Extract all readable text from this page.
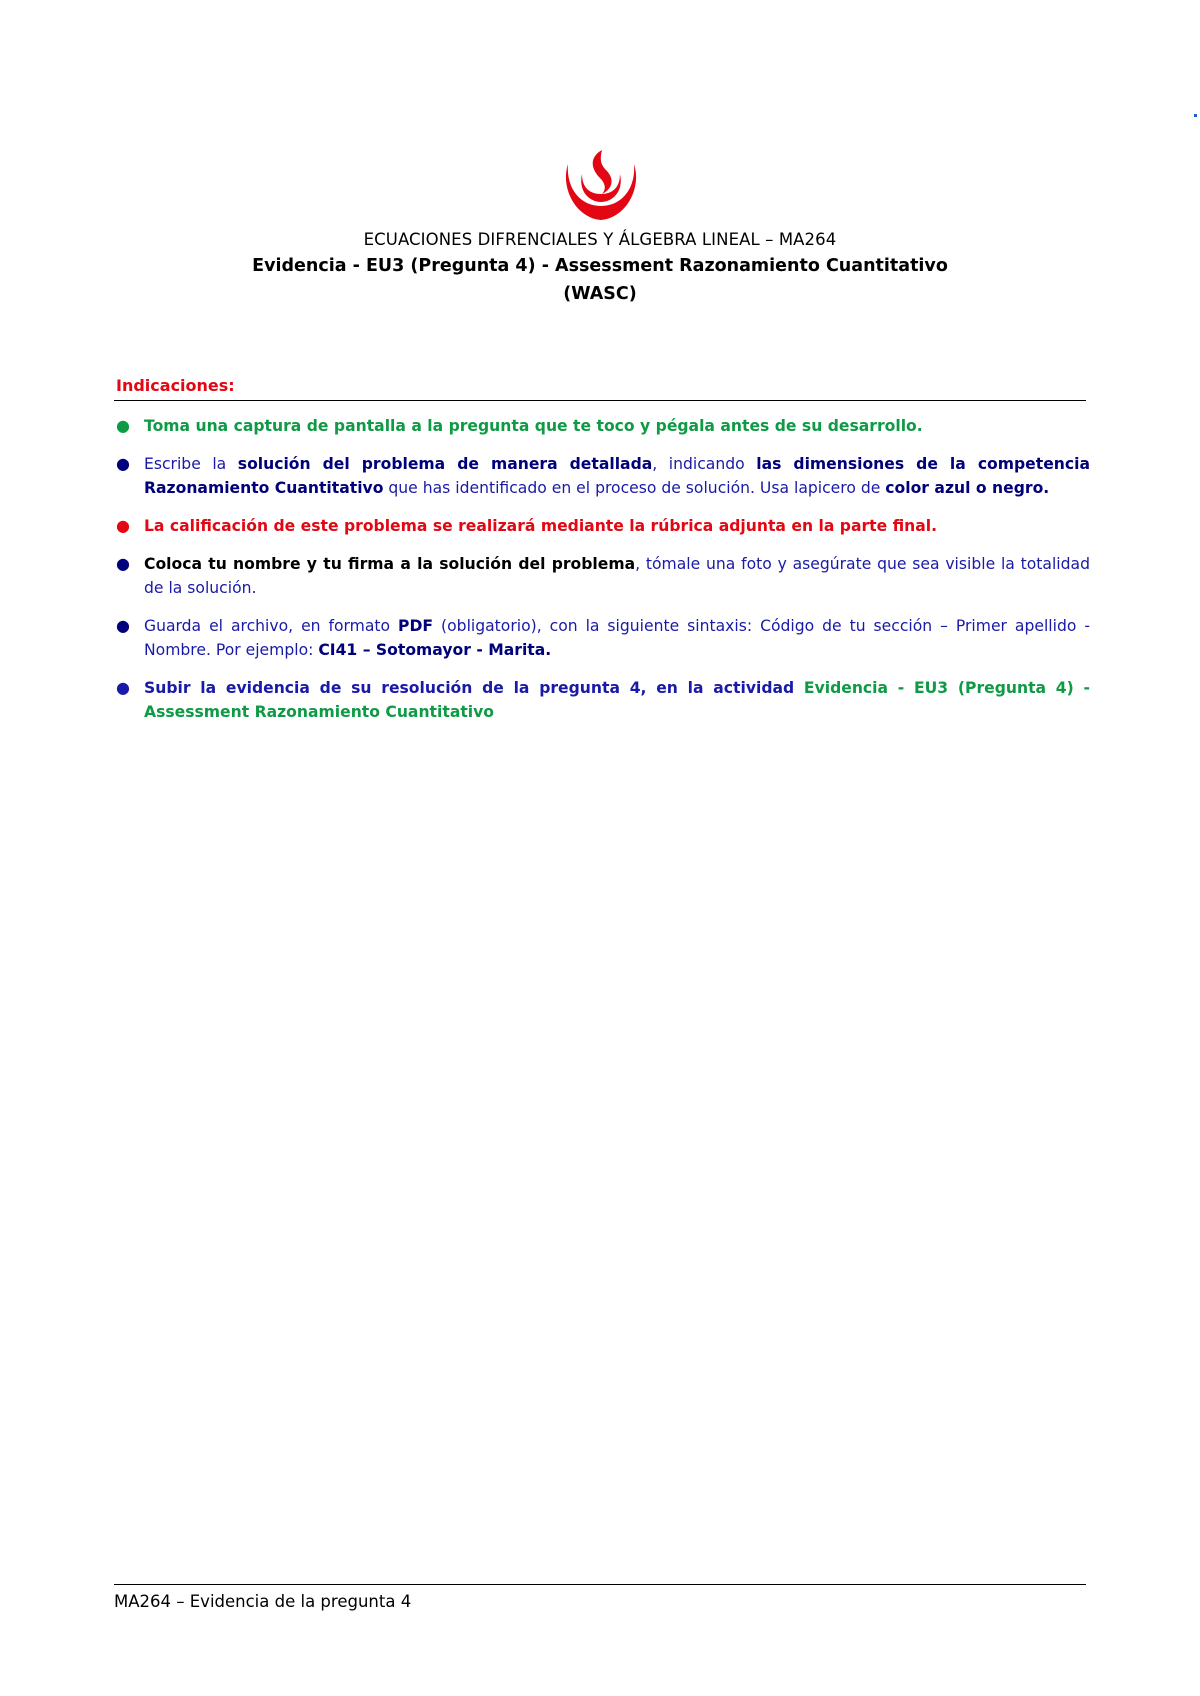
ECUACIONES DIFRENCIALES Y ÁLGEBRA LINEAL – MA264
Evidencia - EU3 (Pregunta 4) - Assessment Razonamiento Cuantitativo
(WASC)
Indicaciones:
● Toma una captura de pantalla a la pregunta que te toco y pégala antes de su desarrollo.
● Escribe la solución del problema de manera detallada, indicando las dimensiones de la competencia Razonamiento Cuantitativo que has identificado en el proceso de solución. Usa lapicero de color azul o negro.
● La calificación de este problema se realizará mediante la rúbrica adjunta en la parte final.
● Coloca tu nombre y tu firma a la solución del problema, tómale una foto y asegúrate que sea visible la totalidad de la solución.
● Guarda el archivo, en formato PDF (obligatorio), con la siguiente sintaxis: Código de tu sección – Primer apellido - Nombre. Por ejemplo: CI41 – Sotomayor - Marita.
● Subir la evidencia de su resolución de la pregunta 4, en la actividad Evidencia - EU3 (Pregunta 4) - Assessment Razonamiento Cuantitativo
MA264 – Evidencia de la pregunta 4
